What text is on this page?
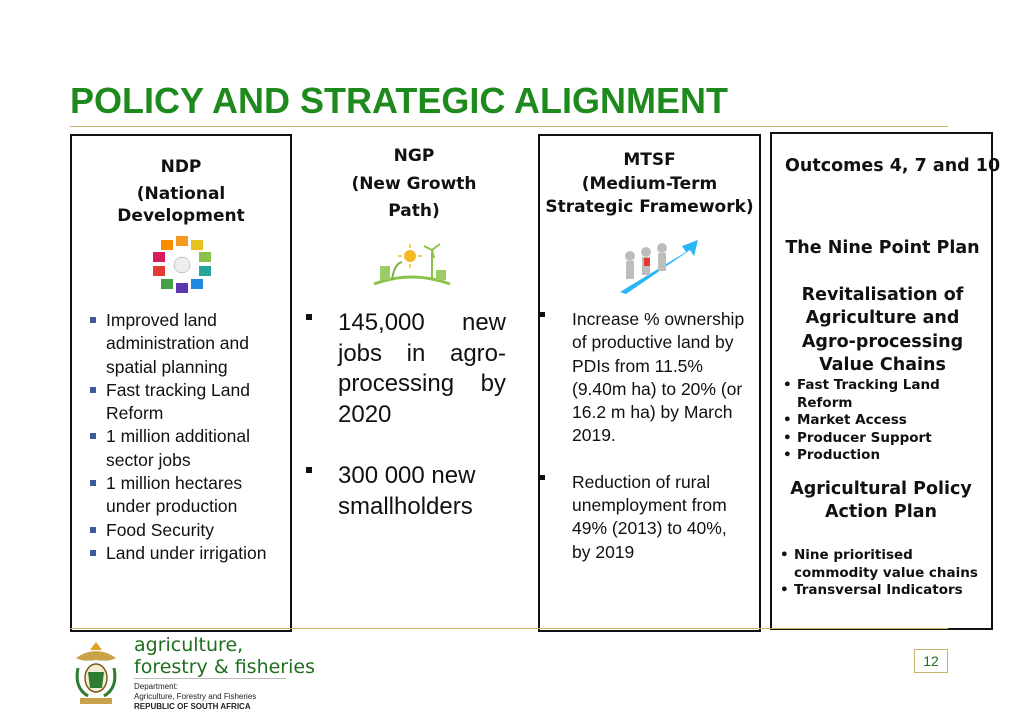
POLICY AND STRATEGIC ALIGNMENT
NDP
(National
Development
Improved land administration and spatial planning
Fast tracking Land Reform
1 million additional sector jobs
1 million hectares under production
Food Security
Land under irrigation
NGP
(New Growth
Path)
145,000 new jobs in agro-processing by 2020
300 000 new smallholders
MTSF
(Medium-Term
Strategic Framework)
Increase % ownership of productive land by PDIs from 11.5% (9.40m ha) to 20% (or 16.2 m ha) by March 2019.
Reduction of rural unemployment from 49% (2013) to 40%, by 2019
Outcomes 4, 7 and 10
The Nine Point Plan
Revitalisation of
Agriculture and
Agro-processing
Value Chains
• Fast Tracking Land Reform
• Market Access
• Producer Support
• Production
Agricultural Policy
Action Plan
• Nine prioritised commodity value chains
• Transversal Indicators
agriculture,
forestry & fisheries
Department:
Agriculture, Forestry and Fisheries
REPUBLIC OF SOUTH AFRICA
12
